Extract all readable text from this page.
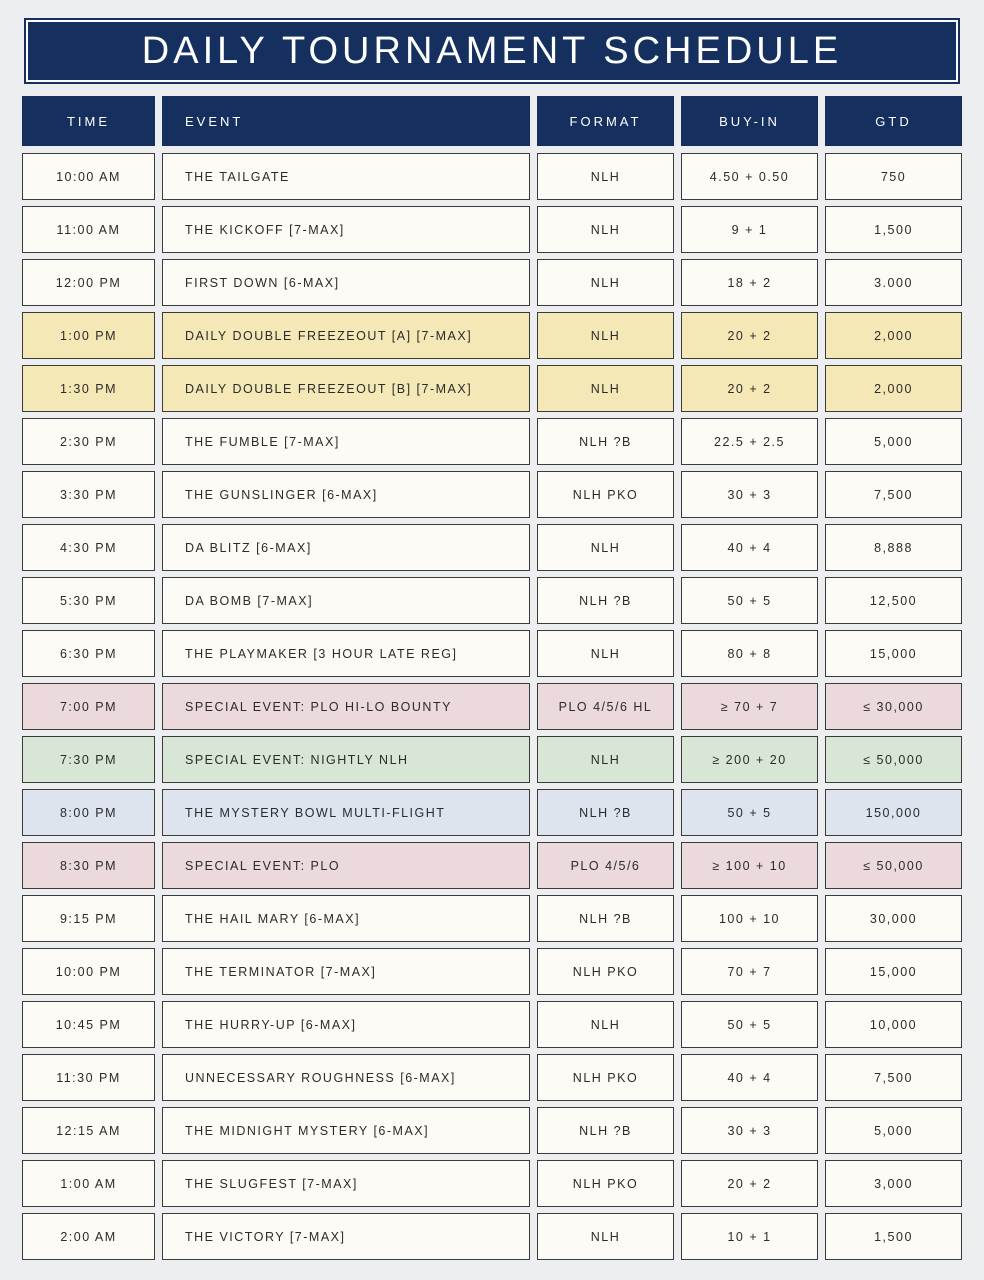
DAILY TOURNAMENT SCHEDULE
TIME	EVENT	FORMAT	BUY-IN	GTD
10:00 AM	THE TAILGATE	NLH	4.50 + 0.50	750
11:00 AM	THE KICKOFF [7-MAX]	NLH	9 + 1	1,500
12:00 PM	FIRST DOWN [6-MAX]	NLH	18 + 2	3.000
1:00 PM	DAILY DOUBLE FREEZEOUT [A] [7-MAX]	NLH	20 + 2	2,000
1:30 PM	DAILY DOUBLE FREEZEOUT [B] [7-MAX]	NLH	20 + 2	2,000
2:30 PM	THE FUMBLE [7-MAX]	NLH ?B	22.5 + 2.5	5,000
3:30 PM	THE GUNSLINGER [6-MAX]	NLH PKO	30 + 3	7,500
4:30 PM	DA BLITZ [6-MAX]	NLH	40 + 4	8,888
5:30 PM	DA BOMB [7-MAX]	NLH ?B	50 + 5	12,500
6:30 PM	THE PLAYMAKER [3 HOUR LATE REG]	NLH	80 + 8	15,000
7:00 PM	SPECIAL EVENT: PLO HI-LO BOUNTY	PLO 4/5/6 HL	≥ 70 + 7	≤ 30,000
7:30 PM	SPECIAL EVENT: NIGHTLY NLH	NLH	≥ 200 + 20	≤ 50,000
8:00 PM	THE MYSTERY BOWL MULTI-FLIGHT	NLH ?B	50 + 5	150,000
8:30 PM	SPECIAL EVENT: PLO	PLO 4/5/6	≥ 100 + 10	≤ 50,000
9:15 PM	THE HAIL MARY [6-MAX]	NLH ?B	100 + 10	30,000
10:00 PM	THE TERMINATOR [7-MAX]	NLH PKO	70 + 7	15,000
10:45 PM	THE HURRY-UP [6-MAX]	NLH	50 + 5	10,000
11:30 PM	UNNECESSARY ROUGHNESS [6-MAX]	NLH PKO	40 + 4	7,500
12:15 AM	THE MIDNIGHT MYSTERY [6-MAX]	NLH ?B	30 + 3	5,000
1:00 AM	THE SLUGFEST [7-MAX]	NLH PKO	20 + 2	3,000
2:00 AM	THE VICTORY [7-MAX]	NLH	10 + 1	1,500
